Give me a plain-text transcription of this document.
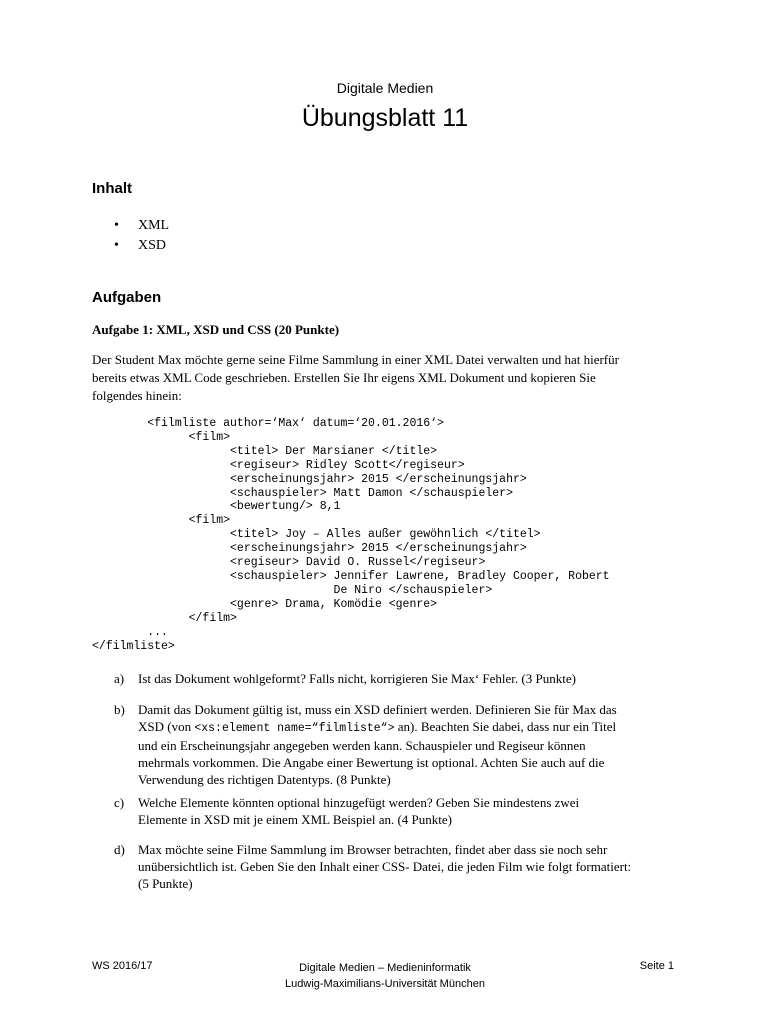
Digitale Medien
Übungsblatt 11
Inhalt
• XML
• XSD
Aufgaben
Aufgabe 1: XML, XSD und CSS (20 Punkte)
Der Student Max möchte gerne seine Filme Sammlung in einer XML Datei verwalten und hat hierfür
bereits etwas XML Code geschrieben. Erstellen Sie Ihr eigens XML Dokument und kopieren Sie
folgendes hinein:
<filmliste author=‘Max‘ datum=‘20.01.2016‘>
<film>
<titel> Der Marsianer </title>
<regiseur> Ridley Scott</regiseur>
<erscheinungsjahr> 2015 </erscheinungsjahr>
<schauspieler> Matt Damon </schauspieler>
<bewertung/> 8,1
<film>
<titel> Joy – Alles außer gewöhnlich </titel>
<erscheinungsjahr> 2015 </erscheinungsjahr>
<regiseur> David O. Russel</regiseur>
<schauspieler> Jennifer Lawrene, Bradley Cooper, Robert
De Niro </schauspieler>
<genre> Drama, Komödie <genre>
</film>
...
</filmliste>
a) Ist das Dokument wohlgeformt? Falls nicht, korrigieren Sie Max‘ Fehler. (3 Punkte)
b) Damit das Dokument gültig ist, muss ein XSD definiert werden. Definieren Sie für Max das
XSD (von <xs:element name=“filmliste“> an). Beachten Sie dabei, dass nur ein Titel
und ein Erscheinungsjahr angegeben werden kann. Schauspieler und Regiseur können
mehrmals vorkommen. Die Angabe einer Bewertung ist optional. Achten Sie auch auf die
Verwendung des richtigen Datentyps. (8 Punkte)
c) Welche Elemente könnten optional hinzugefügt werden? Geben Sie mindestens zwei
Elemente in XSD mit je einem XML Beispiel an. (4 Punkte)
d) Max möchte seine Filme Sammlung im Browser betrachten, findet aber dass sie noch sehr
unübersichtlich ist. Geben Sie den Inhalt einer CSS- Datei, die jeden Film wie folgt formatiert:
(5 Punkte)
WS 2016/17	Digitale Medien – Medieninformatik
Ludwig-Maximilians-Universität München
Seite 1
